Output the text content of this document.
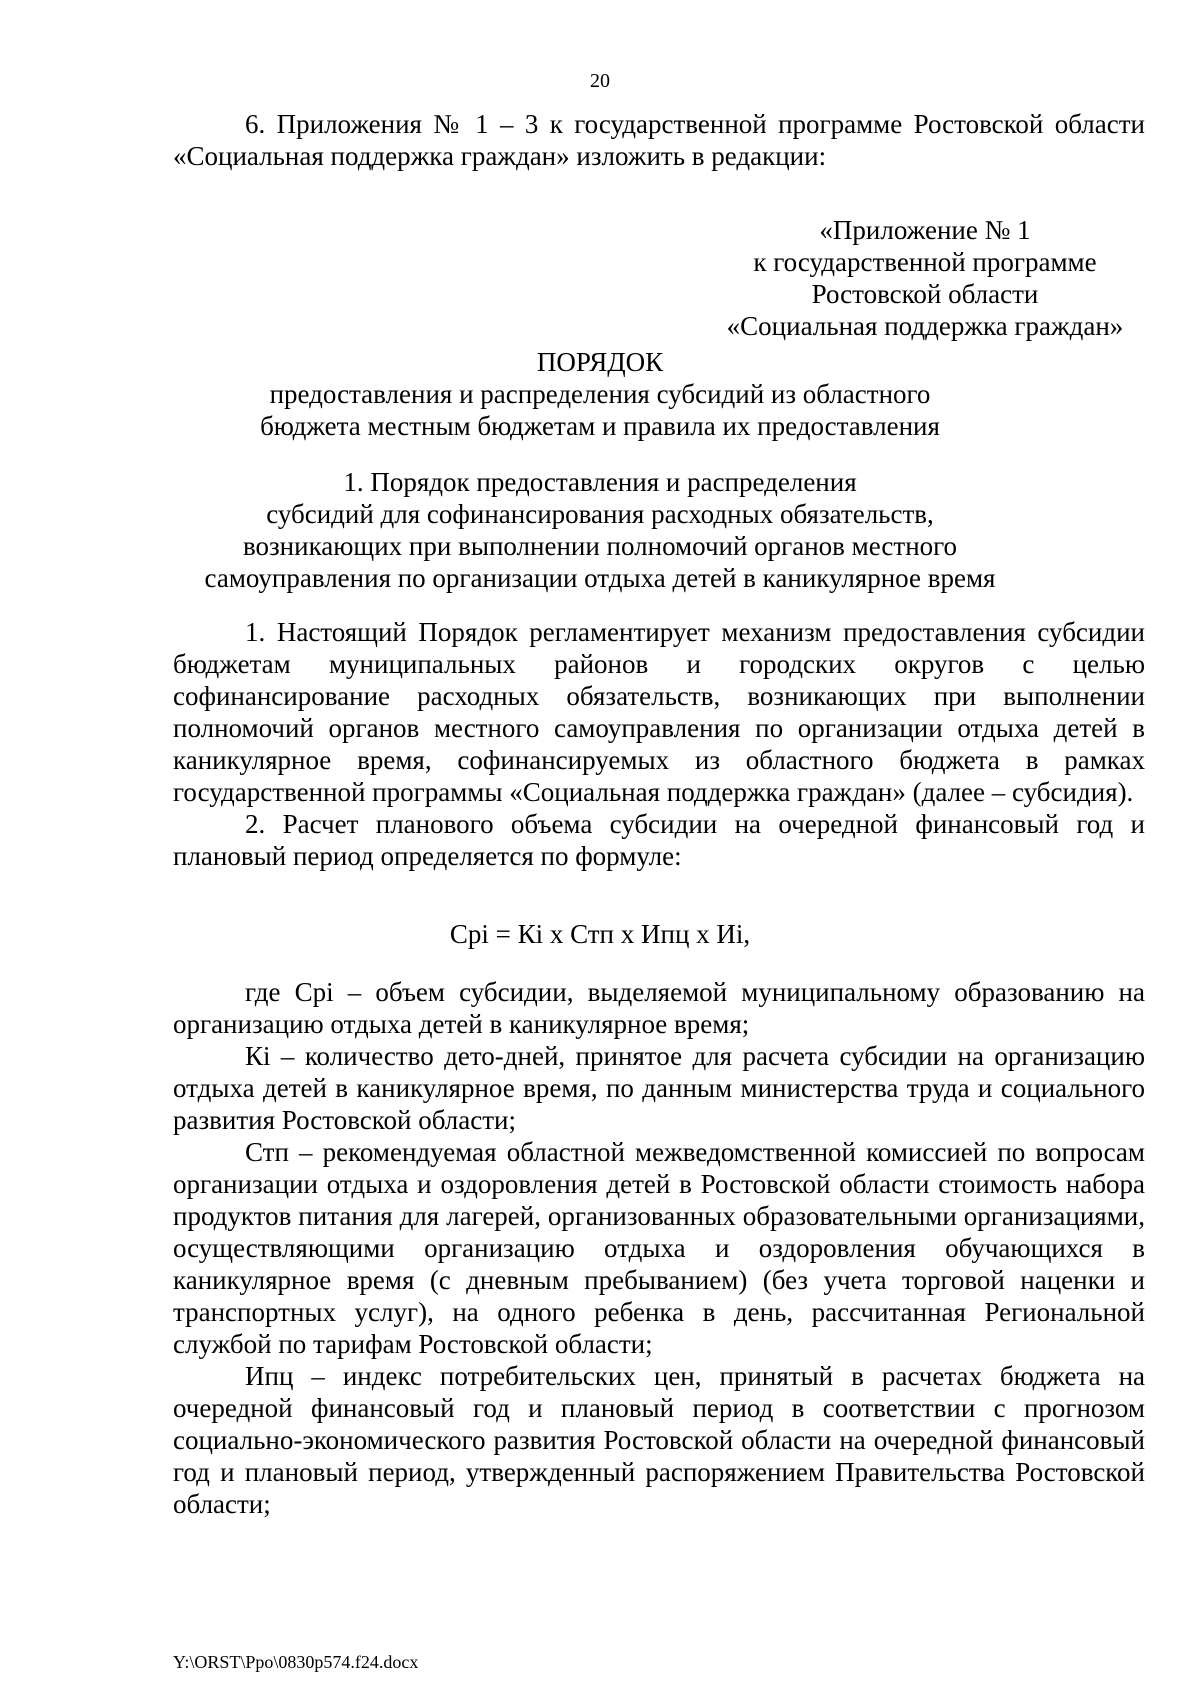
20

6. Приложения № 1 – 3 к государственной программе Ростовской области

«Социальная поддержка граждан» изложить в редакции:

«Приложение № 1
к государственной программе
Ростовской области
«Социальная поддержка граждан»
ПОРЯДОК
предоставления и распределения субсидий из областного
бюджета местным бюджетам и правила их предоставления
1. Порядок предоставления и распределения
субсидий для софинансирования расходных обязательств,
возникающих при выполнении полномочий органов местного
самоуправления по организации отдыха детей в каникулярное время

1. Настоящий Порядок регламентирует механизм предоставления субсидии бюджетам муниципальных районов и городских округов с целью софинансирование расходных обязательств, возникающих при выполнении полномочий органов местного самоуправления по организации отдыха детей в каникулярное время, софинансируемых из областного бюджета в рамках государственной программы «Социальная поддержка граждан» (далее – субсидия).

2. Расчет планового объема субсидии на очередной финансовый год и плановый период определяется по формуле:

Срi = Кi х Стп х Ипц х Иi,

где Срi – объем субсидии, выделяемой муниципальному образованию на организацию отдыха детей в каникулярное время;

Кi – количество дето-дней, принятое для расчета субсидии на организацию отдыха детей в каникулярное время, по данным министерства труда и социального развития Ростовской области;

Стп – рекомендуемая областной межведомственной комиссией по вопросам организации отдыха и оздоровления детей в Ростовской области стоимость набора продуктов питания для лагерей, организованных образовательными организациями, осуществляющими организацию отдыха и оздоровления обучающихся в каникулярное время (с дневным пребыванием) (без учета торговой наценки и транспортных услуг), на одного ребенка в день, рассчитанная Региональной службой по тарифам Ростовской области;

Ипц – индекс потребительских цен, принятый в расчетах бюджета на очередной финансовый год и плановый период в соответствии с прогнозом социально-экономического развития Ростовской области на очередной финансовый год и плановый период, утвержденный распоряжением Правительства Ростовской области;

Y:\ORST\Ppo\0830p574.f24.docx
